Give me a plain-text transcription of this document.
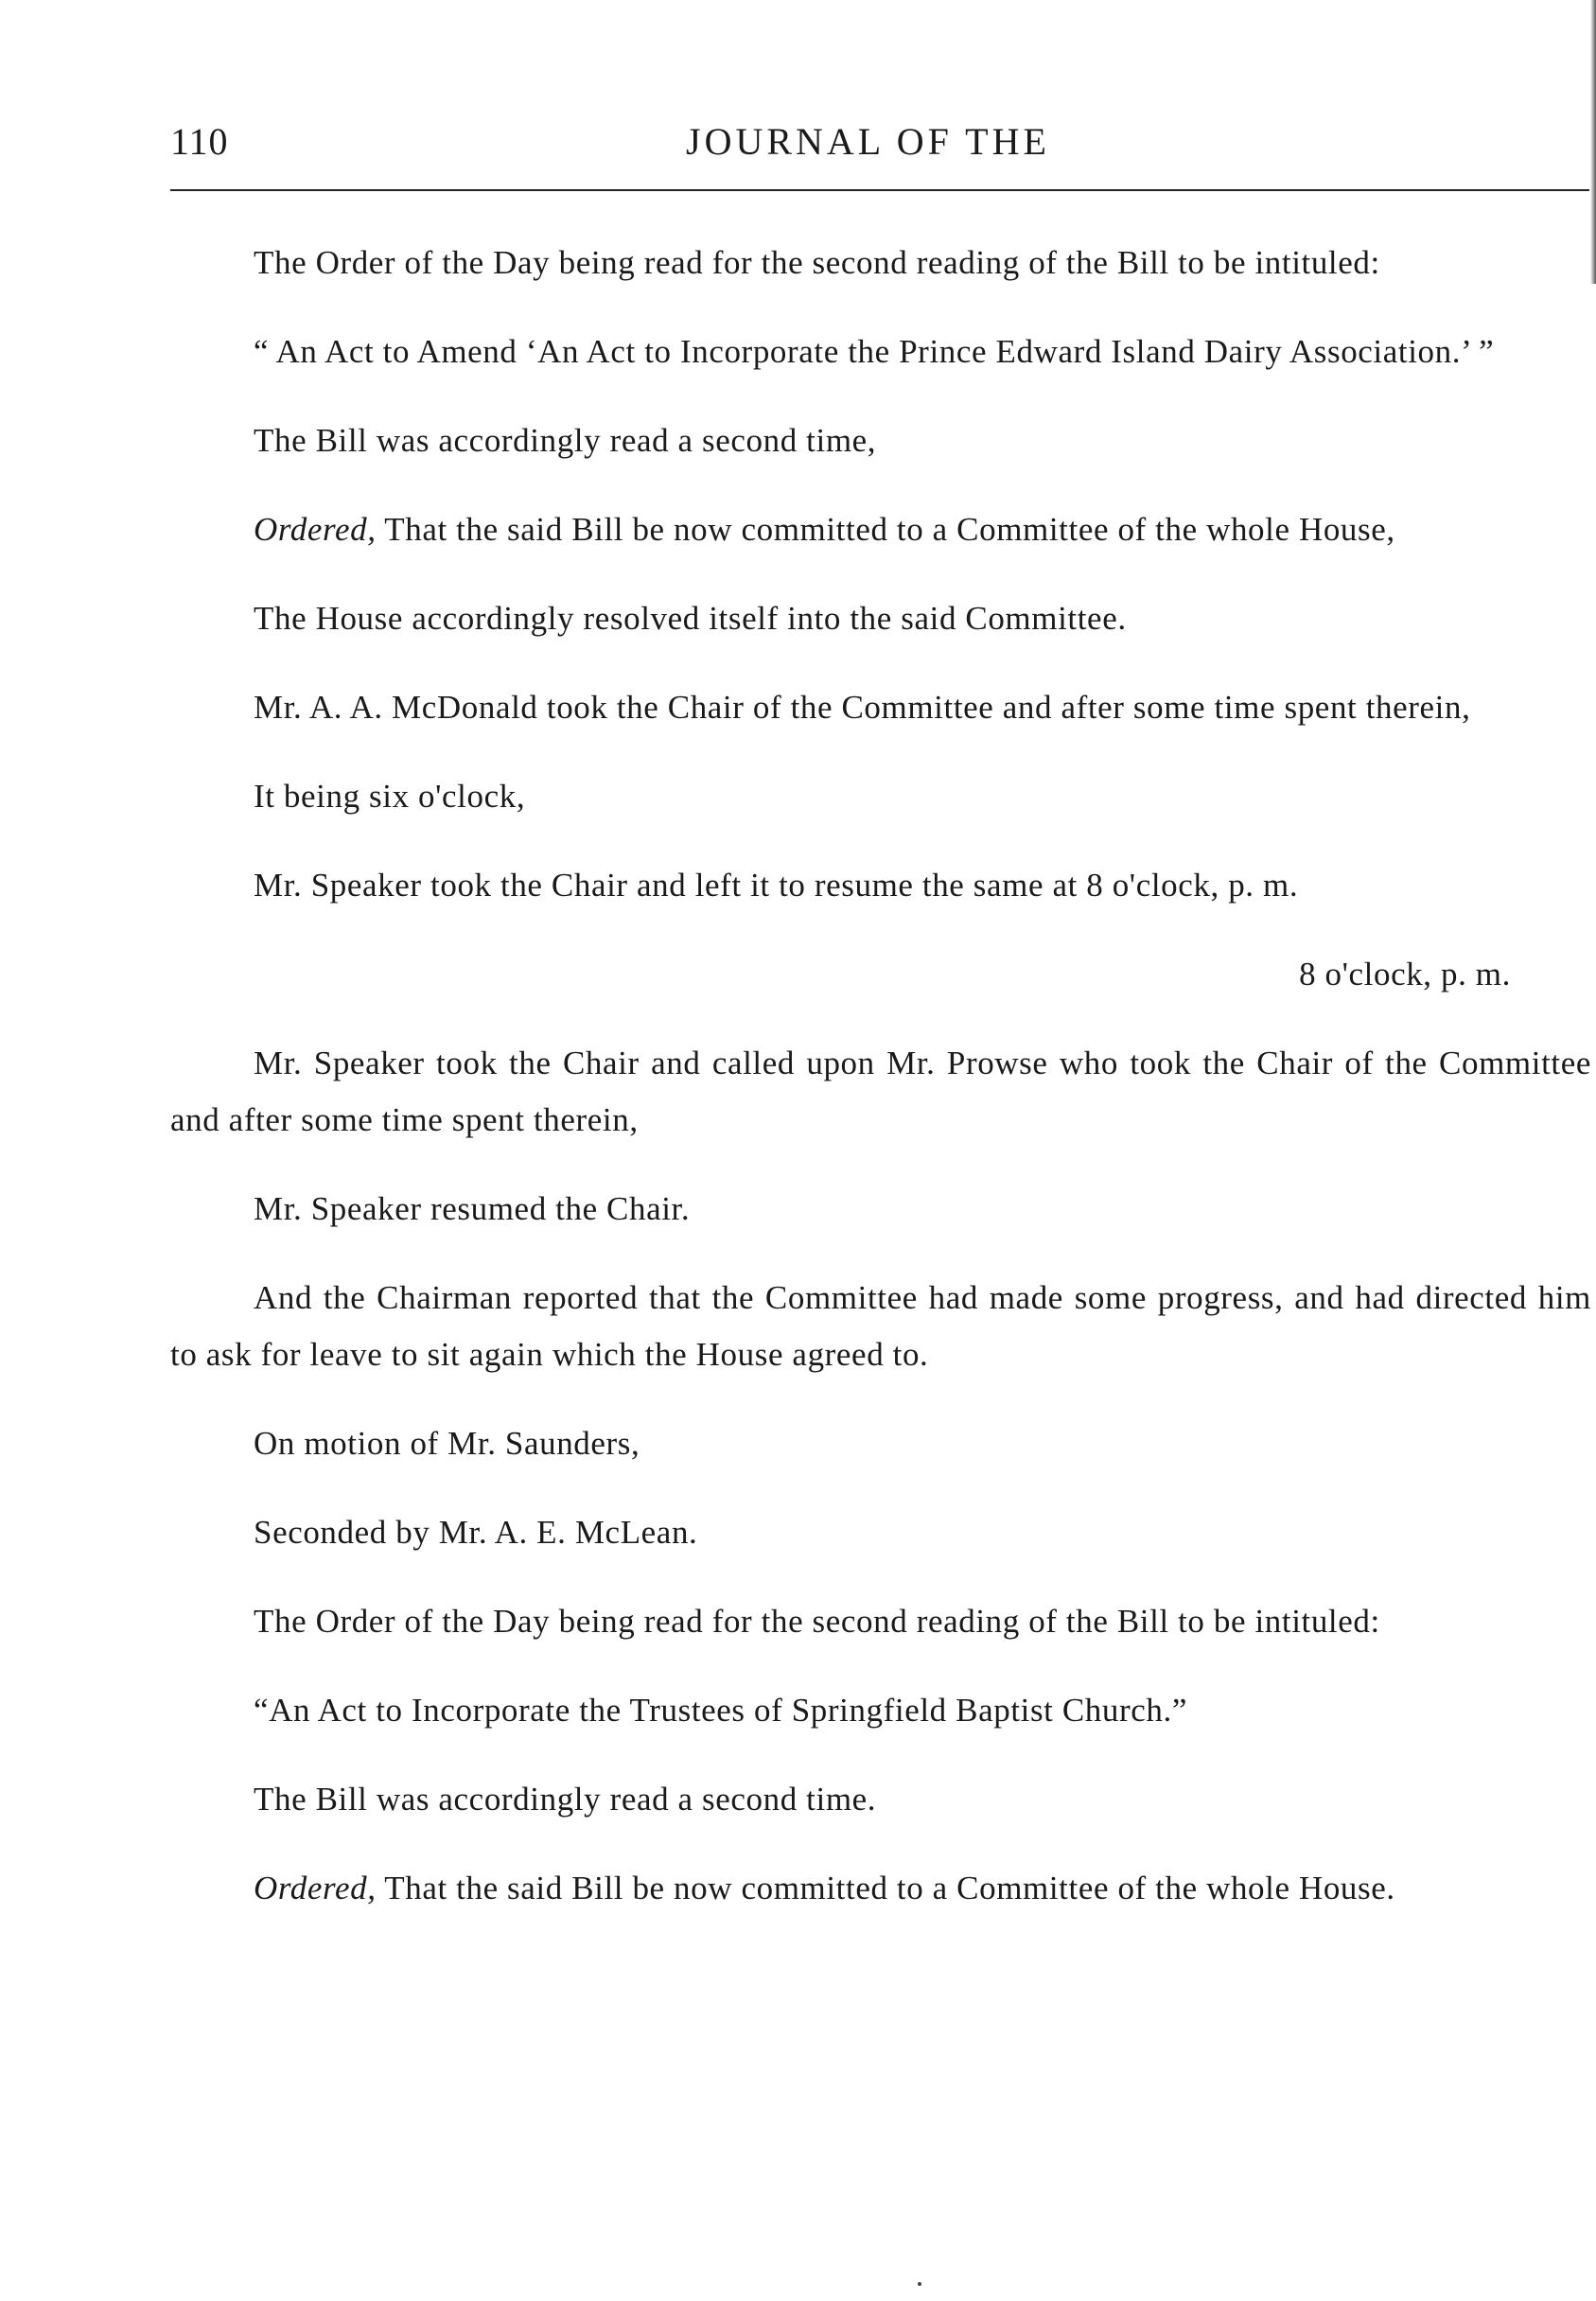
110	JOURNAL OF THE

The Order of the Day being read for the second reading of the Bill to be intituled:

“ An Act to Amend ‘An Act to Incorporate the Prince Edward Island Dairy Association.’ ”

The Bill was accordingly read a second time,

Ordered, That the said Bill be now committed to a Committee of the whole House,

The House accordingly resolved itself into the said Committee.

Mr. A. A. McDonald took the Chair of the Committee and after some time spent therein,

It being six o'clock,

Mr. Speaker took the Chair and left it to resume the same at 8 o'clock, p. m.

8 o'clock, p. m.

Mr. Speaker took the Chair and called upon Mr. Prowse who took the Chair of the Committee and after some time spent therein,

Mr. Speaker resumed the Chair.

And the Chairman reported that the Committee had made some progress, and had directed him to ask for leave to sit again which the House agreed to.

On motion of Mr. Saunders,

Seconded by Mr. A. E. McLean.

The Order of the Day being read for the second reading of the Bill to be intituled:

“An Act to Incorporate the Trustees of Springfield Baptist Church.”

The Bill was accordingly read a second time.

Ordered, That the said Bill be now committed to a Committee of the whole House.
